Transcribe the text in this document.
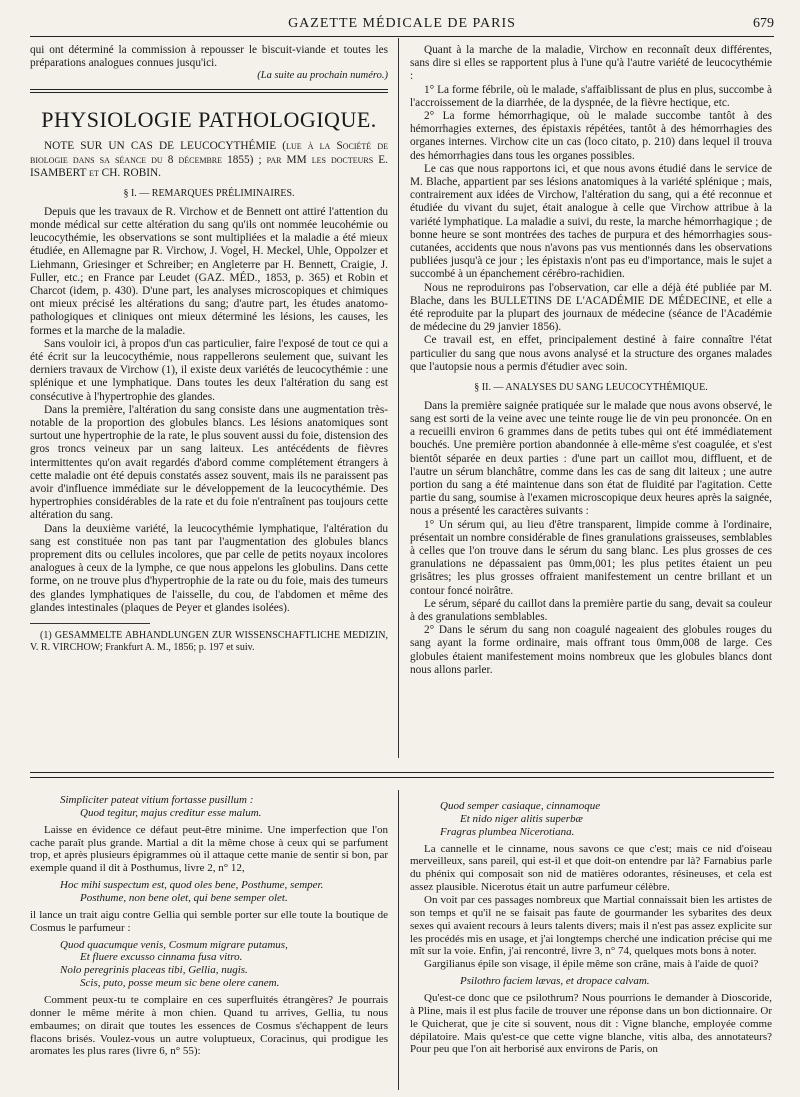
GAZETTE MÉDICALE DE PARIS	679

qui ont déterminé la commission à repousser le biscuit-viande et toutes les préparations analogues connues jusqu'ici.

(La suite au prochain numéro.)
PHYSIOLOGIE PATHOLOGIQUE.

NOTE SUR UN CAS DE LEUCOCYTHÉMIE (lue à la Société de biologie dans sa séance du 8 décembre 1855) ; par MM les docteurs E. ISAMBERT et CH. ROBIN.

§ I. — REMARQUES PRÉLIMINAIRES.

Depuis que les travaux de R. Virchow et de Bennett ont attiré l'attention du monde médical sur cette altération du sang qu'ils ont nommée leucohémie ou leucocythémie, les observations se sont multipliées et la maladie a été mieux étudiée, en Allemagne par R. Virchow, J. Vogel, H. Meckel, Uhle, Oppolzer et Liehmann, Griesinger et Schreiber; en Angleterre par H. Bennett, Craigie, J. Fuller, etc.; en France par Leudet (GAZ. MÉD., 1853, p. 365) et Robin et Charcot (idem, p. 430). D'une part, les analyses microscopiques et chimiques ont mieux précisé les altérations du sang; d'autre part, les études anatomo-pathologiques et cliniques ont mieux déterminé les lésions, les causes, les formes et la marche de la maladie.

Sans vouloir ici, à propos d'un cas particulier, faire l'exposé de tout ce qui a été écrit sur la leucocythémie, nous rappellerons seulement que, suivant les derniers travaux de Virchow (1), il existe deux variétés de leucocythémie : une splénique et une lymphatique. Dans toutes les deux l'altération du sang est consécutive à l'hypertrophie des glandes.

Dans la première, l'altération du sang consiste dans une augmentation très-notable de la proportion des globules blancs. Les lésions anatomiques sont surtout une hypertrophie de la rate, le plus souvent aussi du foie, distension des gros troncs veineux par un sang laiteux. Les antécédents de fièvres intermittentes qu'on avait regardés d'abord comme complétement étrangers à cette maladie ont été depuis constatés assez souvent, mais ils ne paraissent pas avoir d'influence immédiate sur le développement de la leucocythémie. Des hypertrophies considérables de la rate et du foie n'entraînent pas toujours cette altération du sang.

Dans la deuxième variété, la leucocythémie lymphatique, l'altération du sang est constituée non pas tant par l'augmentation des globules blancs proprement dits ou cellules incolores, que par celle de petits noyaux incolores analogues à ceux de la lymphe, ce que nous appelons les globulins. Dans cette forme, on ne trouve plus d'hypertrophie de la rate ou du foie, mais des tumeurs des glandes lymphatiques de l'aisselle, du cou, de l'abdomen et même des glandes intestinales (plaques de Peyer et glandes isolées).

(1) GESAMMELTE ABHANDLUNGEN ZUR WISSENSCHAFTLICHE MEDIZIN, V. R. VIRCHOW; Frankfurt A. M., 1856; p. 197 et suiv.

Quant à la marche de la maladie, Virchow en reconnaît deux différentes, sans dire si elles se rapportent plus à l'une qu'à l'autre variété de leucocythémie :

1° La forme fébrile, où le malade, s'affaiblissant de plus en plus, succombe à l'accroissement de la diarrhée, de la dyspnée, de la fièvre hectique, etc.

2° La forme hémorrhagique, où le malade succombe tantôt à des hémorrhagies externes, des épistaxis répétées, tantôt à des hémorrhagies des organes internes. Virchow cite un cas (loco citato, p. 210) dans lequel il trouva des hémorrhagies dans tous les organes possibles.

Le cas que nous rapportons ici, et que nous avons étudié dans le service de M. Blache, appartient par ses lésions anatomiques à la variété splénique ; mais, contrairement aux idées de Virchow, l'altération du sang, qui a été reconnue et étudiée du vivant du sujet, était analogue à celle que Virchow attribue à la variété lymphatique. La maladie a suivi, du reste, la marche hémorrhagique ; de bonne heure se sont montrées des taches de purpura et des hémorrhagies sous-cutanées, accidents que nous n'avons pas vus mentionnés dans les observations publiées jusqu'à ce jour ; les épistaxis n'ont pas eu d'importance, mais le sujet a succombé à un épanchement cérébro-rachidien.

Nous ne reproduirons pas l'observation, car elle a déjà été publiée par M. Blache, dans les BULLETINS DE L'ACADÉMIE DE MÉDECINE, et elle a été reproduite par la plupart des journaux de médecine (séance de l'Académie de médecine du 29 janvier 1856).

Ce travail est, en effet, principalement destiné à faire connaître l'état particulier du sang que nous avons analysé et la structure des organes malades que l'autopsie nous a permis d'étudier avec soin.

§ II. — ANALYSES DU SANG LEUCOCYTHÉMIQUE.

Dans la première saignée pratiquée sur le malade que nous avons observé, le sang est sorti de la veine avec une teinte rouge lie de vin peu prononcée. On en a recueilli environ 6 grammes dans de petits tubes qui ont été immédiatement bouchés. Une première portion abandonnée à elle-même s'est coagulée, et s'est bientôt séparée en deux parties : d'une part un caillot mou, diffluent, et de l'autre un sérum blanchâtre, comme dans les cas de sang dit laiteux ; une autre portion du sang a été maintenue dans son état de fluidité par l'agitation. Cette partie du sang, soumise à l'examen microscopique deux heures après la saignée, nous a présenté les caractères suivants :

1° Un sérum qui, au lieu d'être transparent, limpide comme à l'ordinaire, présentait un nombre considérable de fines granulations graisseuses, semblables à celles que l'on trouve dans le sérum du sang blanc. Les plus grosses de ces granulations ne dépassaient pas 0mm,001; les plus petites étaient un peu grisâtres; les plus grosses offraient manifestement un centre brillant et un contour foncé noirâtre.

Le sérum, séparé du caillot dans la première partie du sang, devait sa couleur à des granulations semblables.

2° Dans le sérum du sang non coagulé nageaient des globules rouges du sang ayant la forme ordinaire, mais offrant tous 0mm,008 de large. Ces globules étaient manifestement moins nombreux que les globules blancs dont nous allons parler.

Simpliciter pateat vitium fortasse pusillum :
Quod tegitur, majus creditur esse malum.

Laisse en évidence ce défaut peut-être minime. Une imperfection que l'on cache paraît plus grande. Martial a dit la même chose à ceux qui se parfument trop, et après plusieurs épigrammes où il attaque cette manie de sentir si bon, par exemple quand il dit à Posthumus, livre 2, n° 12,

Hoc mihi suspectum est, quod oles bene, Posthume, semper.
Posthume, non bene olet, qui bene semper olet.

il lance un trait aigu contre Gellia qui semble porter sur elle toute la boutique de Cosmus le parfumeur :

Quod quacumque venis, Cosmum migrare putamus,
Et fluere excusso cinnama fusa vitro.
Nolo peregrinis placeas tibi, Gellia, nugis.
Scis, puto, posse meum sic bene olere canem.

Comment peux-tu te complaire en ces superfluités étrangères? Je pourrais donner le même mérite à mon chien. Quand tu arrives, Gellia, tu nous embaumes; on dirait que toutes les essences de Cosmus s'échappent de leurs flacons brisés. Voulez-vous un autre voluptueux, Coracinus, qui prodigue les aromates les plus rares (livre 6, n° 55):

Quod semper casiaque, cinnamoque
Et nido niger alitis superbæ
Fragras plumbea Nicerotiana.

La cannelle et le cinname, nous savons ce que c'est; mais ce nid d'oiseau merveilleux, sans pareil, qui est-il et que doit-on entendre par là? Farnabius parle du phénix qui composait son nid de matières odorantes, résineuses, et cela est assez plausible. Nicerotus était un autre parfumeur célèbre.

On voit par ces passages nombreux que Martial connaissait bien les artistes de son temps et qu'il ne se faisait pas faute de gourmander les sybarites des deux sexes qui avaient recours à leurs talents divers; mais il n'est pas assez explicite sur les procédés mis en usage, et j'ai longtemps cherché une indication précise qui me mît sur la voie. Enfin, j'ai rencontré, livre 3, n° 74, quelques mots bons à noter.

Gargilianus épile son visage, il épile même son crâne, mais à l'aide de quoi?

Psilothro faciem lævas, et dropace calvam.

Qu'est-ce donc que ce psilothrum? Nous pourrions le demander à Dioscoride, à Pline, mais il est plus facile de trouver une réponse dans un bon dictionnaire. Or le Quicherat, que je cite si souvent, nous dit : Vigne blanche, employée comme dépilatoire. Mais qu'est-ce que cette vigne blanche, vitis alba, des annotateurs? Pour peu que l'on ait herborisé aux environs de Paris, on
